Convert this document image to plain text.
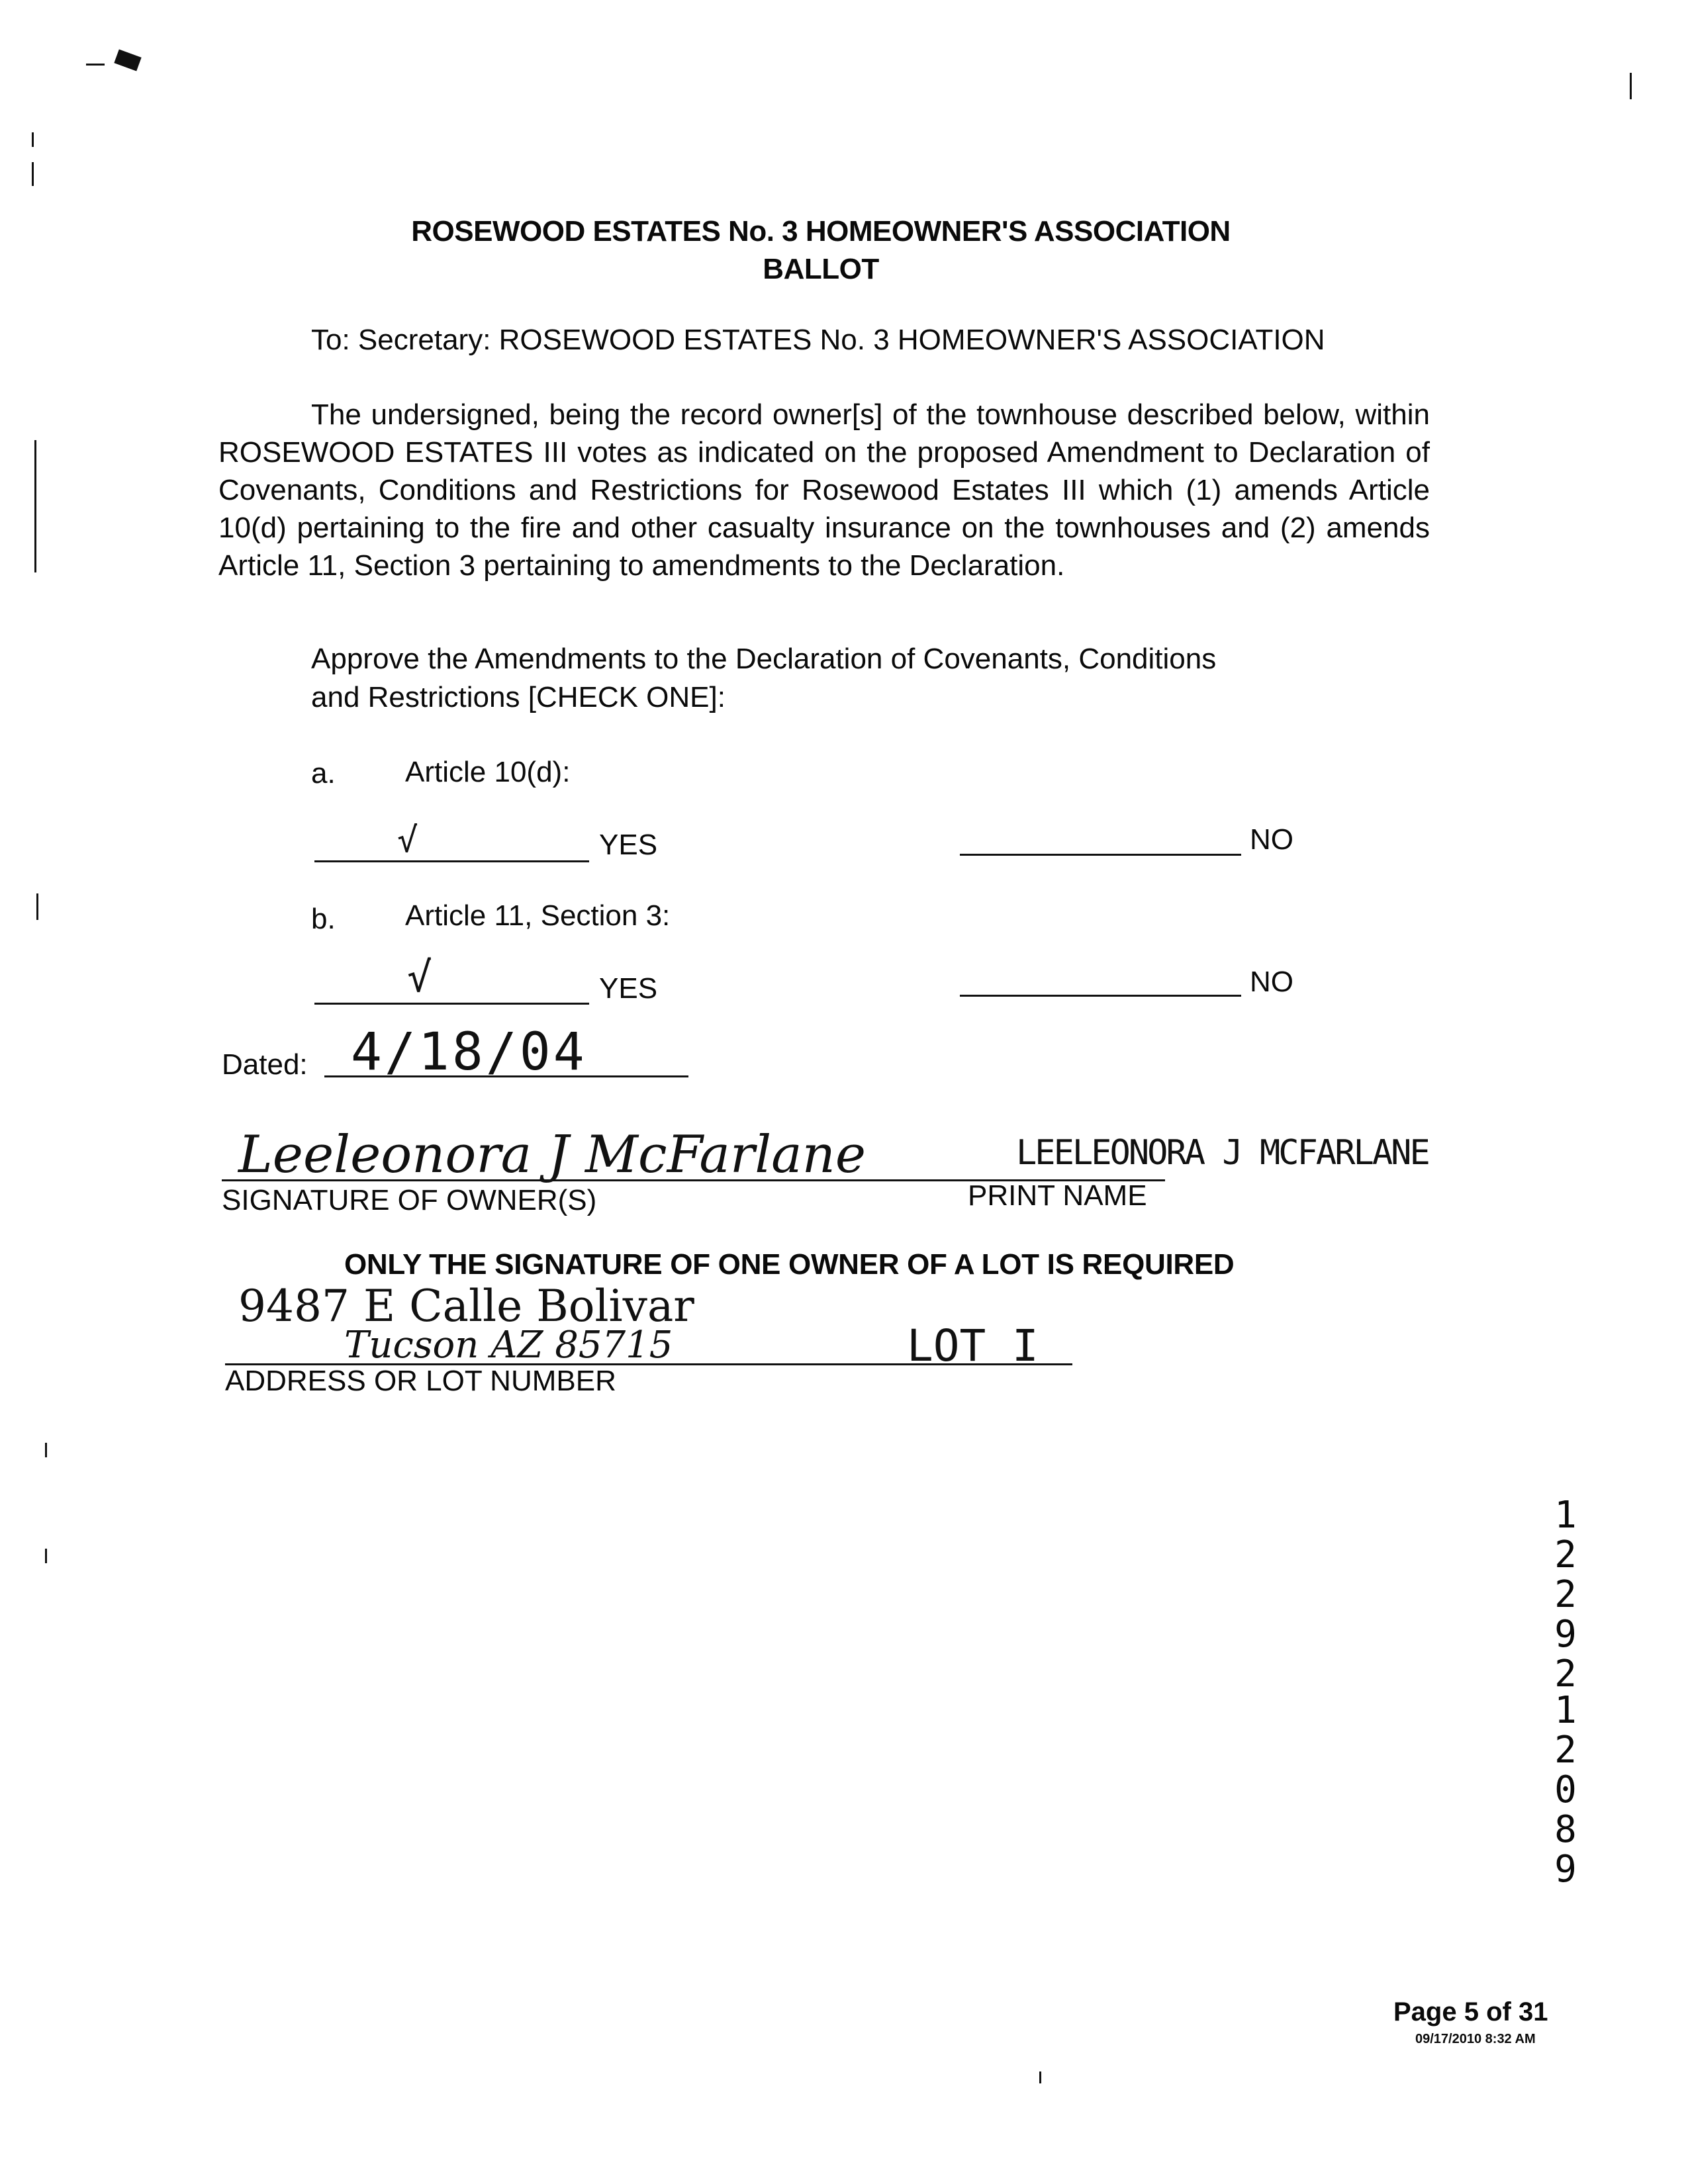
ROSEWOOD ESTATES No. 3 HOMEOWNER'S ASSOCIATION
BALLOT
To: Secretary: ROSEWOOD ESTATES No. 3 HOMEOWNER'S ASSOCIATION
The undersigned, being the record owner[s] of the townhouse described below, within ROSEWOOD ESTATES III votes as indicated on the proposed Amendment to Declaration of Covenants, Conditions and Restrictions for Rosewood Estates III which (1) amends Article 10(d) pertaining to the fire and other casualty insurance on the townhouses and (2) amends Article 11, Section 3 pertaining to amendments to the Declaration.
Approve the Amendments to the Declaration of Covenants, Conditions
and Restrictions [CHECK ONE]:
a. Article 10(d):
√	YES	NO
b. Article 11, Section 3:
√	YES	NO
Dated: 4/18/04
Leeleonora J McFarlane
SIGNATURE OF OWNER(S)
LEELEONORA J MCFARLANE
PRINT NAME
ONLY THE SIGNATURE OF ONE OWNER OF A LOT IS REQUIRED
9487 E Calle Bolivar
Tucson AZ 85715	LOT I
ADDRESS OR LOT NUMBER
1
2
2
9
2
1
2
0
8
9
Page 5 of 31
09/17/2010 8:32 AM
